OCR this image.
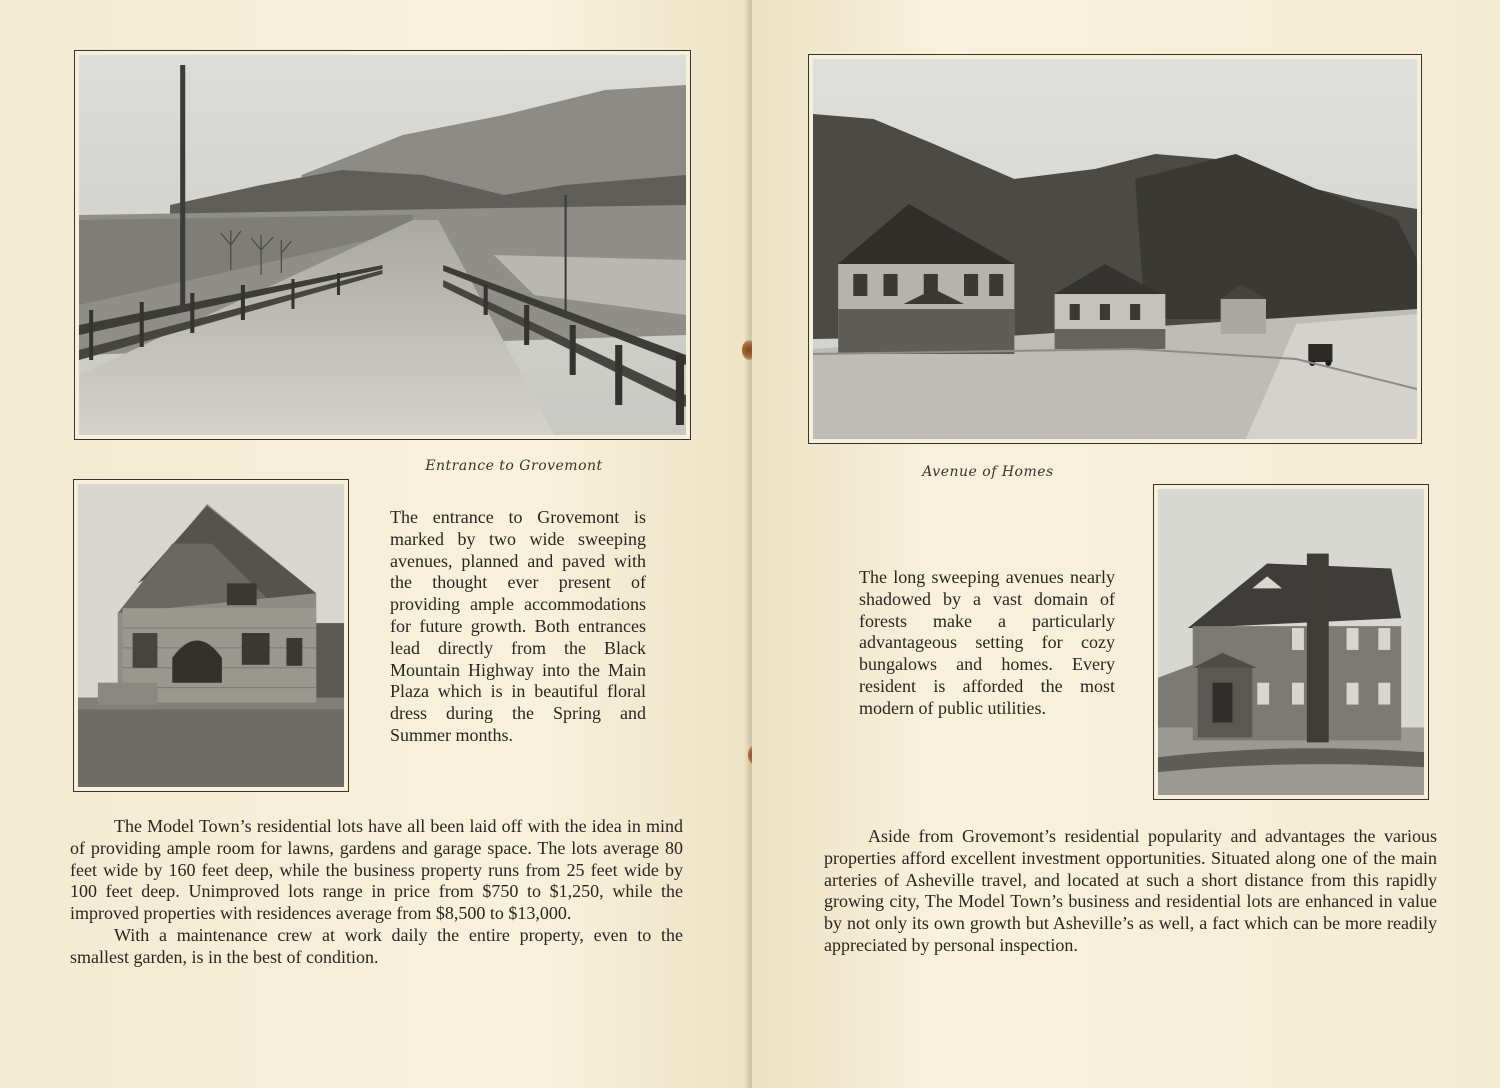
Entrance to Grovemont

The entrance to Grovemont is marked by two wide sweeping avenues, planned and paved with the thought ever present of providing ample accommodations for future growth. Both entrances lead directly from the Black Mountain Highway into the Main Plaza which is in beautiful floral dress during the Spring and Summer months.

The Model Town’s residential lots have all been laid off with the idea in mind of providing ample room for lawns, gardens and garage space. The lots average 80 feet wide by 160 feet deep, while the business property runs from 25 feet wide by 100 feet deep. Unimproved lots range in price from $750 to $1,250, while the improved properties with residences average from $8,500 to $13,000.

With a maintenance crew at work daily the entire property, even to the smallest garden, is in the best of condition.

Avenue of Homes

The long sweeping avenues nearly shadowed by a vast domain of forests make a particularly advantageous setting for cozy bungalows and homes. Every resident is afforded the most modern of public utilities.

Aside from Grovemont’s residential popularity and advantages the various properties afford excellent investment opportunities. Situated along one of the main arteries of Asheville travel, and located at such a short distance from this rapidly growing city, The Model Town’s business and residential lots are enhanced in value by not only its own growth but Asheville’s as well, a fact which can be more readily appreciated by personal inspection.
